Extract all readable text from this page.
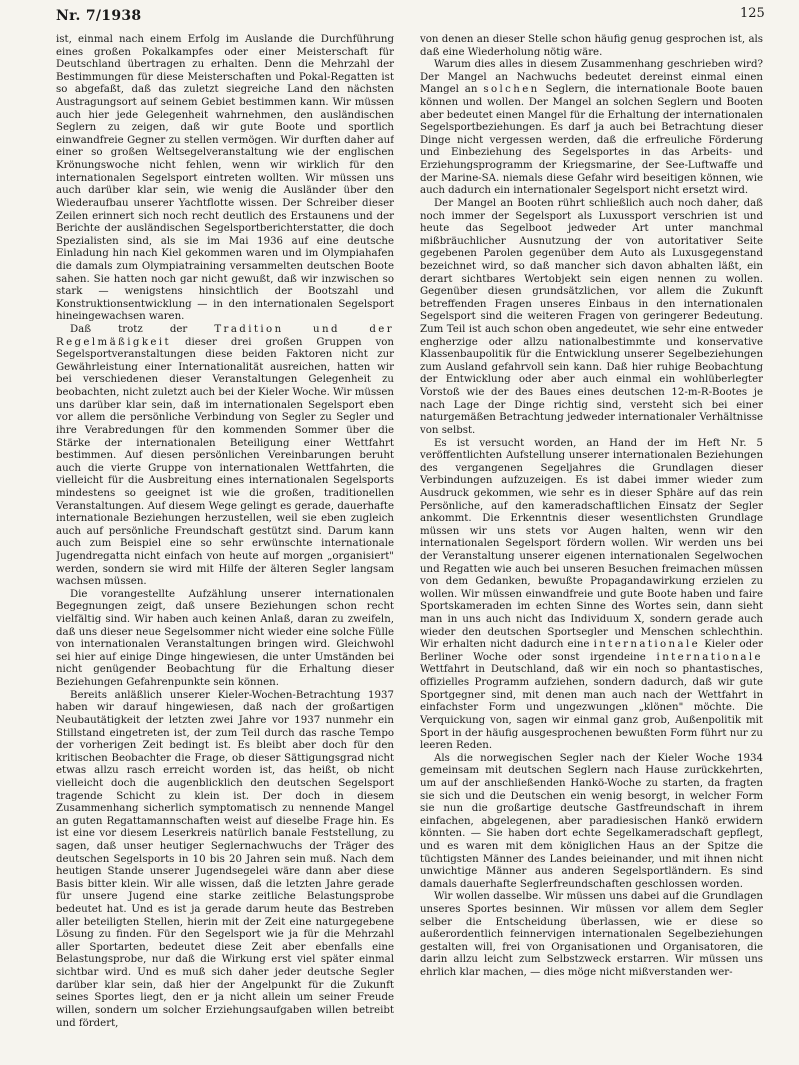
Nr. 7/1938	125

ist, einmal nach einem Erfolg im Auslande die Durchführung eines großen Pokalkampfes oder einer Meisterschaft für Deutschland übertragen zu erhalten. Denn die Mehrzahl der Bestimmungen für diese Meisterschaften und Pokal-Regatten ist so abgefaßt, daß das zuletzt siegreiche Land den nächsten Austragungsort auf seinem Gebiet bestimmen kann. Wir müssen auch hier jede Gelegenheit wahrnehmen, den ausländischen Seglern zu zeigen, daß wir gute Boote und sportlich einwandfreie Gegner zu stellen vermögen. Wir durften daher auf einer so großen Weltsegelveranstaltung wie der englischen Krönungswoche nicht fehlen, wenn wir wirklich für den internationalen Segelsport eintreten wollten. Wir müssen uns auch darüber klar sein, wie wenig die Ausländer über den Wiederaufbau unserer Yachtflotte wissen. Der Schreiber dieser Zeilen erinnert sich noch recht deutlich des Erstaunens und der Berichte der ausländischen Segelsportberichterstatter, die doch Spezialisten sind, als sie im Mai 1936 auf eine deutsche Einladung hin nach Kiel gekommen waren und im Olympiahafen die damals zum Olympiatraining versammelten deutschen Boote sahen. Sie hatten noch gar nicht gewußt, daß wir inzwischen so stark — wenigstens hinsichtlich der Bootszahl und Konstruktionsentwicklung — in den internationalen Segelsport hineingewachsen waren.

Daß trotz der Tradition und der Regelmäßigkeit dieser drei großen Gruppen von Segelsportveranstaltungen diese beiden Faktoren nicht zur Gewährleistung einer Internationalität ausreichen, hatten wir bei verschiedenen dieser Veranstaltungen Gelegenheit zu beobachten, nicht zuletzt auch bei der Kieler Woche. Wir müssen uns darüber klar sein, daß im internationalen Segelsport eben vor allem die persönliche Verbindung von Segler zu Segler und ihre Verabredungen für den kommenden Sommer über die Stärke der internationalen Beteiligung einer Wettfahrt bestimmen. Auf diesen persönlichen Vereinbarungen beruht auch die vierte Gruppe von internationalen Wettfahrten, die vielleicht für die Ausbreitung eines internationalen Segelsports mindestens so geeignet ist wie die großen, traditionellen Veranstaltungen. Auf diesem Wege gelingt es gerade, dauerhafte internationale Beziehungen herzustellen, weil sie eben zugleich auch auf persönliche Freundschaft gestützt sind. Darum kann auch zum Beispiel eine so sehr erwünschte internationale Jugendregatta nicht einfach von heute auf morgen „organisiert" werden, sondern sie wird mit Hilfe der älteren Segler langsam wachsen müssen.

Die vorangestellte Aufzählung unserer internationalen Begegnungen zeigt, daß unsere Beziehungen schon recht vielfältig sind. Wir haben auch keinen Anlaß, daran zu zweifeln, daß uns dieser neue Segelsommer nicht wieder eine solche Fülle von internationalen Veranstaltungen bringen wird. Gleichwohl sei hier auf einige Dinge hingewiesen, die unter Umständen bei nicht genügender Beobachtung für die Erhaltung dieser Beziehungen Gefahrenpunkte sein können.

Bereits anläßlich unserer Kieler-Wochen-Betrachtung 1937 haben wir darauf hingewiesen, daß nach der großartigen Neubautätigkeit der letzten zwei Jahre vor 1937 nunmehr ein Stillstand eingetreten ist, der zum Teil durch das rasche Tempo der vorherigen Zeit bedingt ist. Es bleibt aber doch für den kritischen Beobachter die Frage, ob dieser Sättigungsgrad nicht etwas allzu rasch erreicht worden ist, das heißt, ob nicht vielleicht doch die augenblicklich den deutschen Segelsport tragende Schicht zu klein ist. Der doch in diesem Zusammenhang sicherlich symptomatisch zu nennende Mangel an guten Regattamannschaften weist auf dieselbe Frage hin. Es ist eine vor diesem Leserkreis natürlich banale Feststellung, zu sagen, daß unser heutiger Seglernachwuchs der Träger des deutschen Segelsports in 10 bis 20 Jahren sein muß. Nach dem heutigen Stande unserer Jugendsegelei wäre dann aber diese Basis bitter klein. Wir alle wissen, daß die letzten Jahre gerade für unsere Jugend eine starke zeitliche Belastungsprobe bedeutet hat. Und es ist ja gerade darum heute das Bestreben aller beteiligten Stellen, hierin mit der Zeit eine naturgegebene Lösung zu finden. Für den Segelsport wie ja für die Mehrzahl aller Sportarten, bedeutet diese Zeit aber ebenfalls eine Belastungsprobe, nur daß die Wirkung erst viel später einmal sichtbar wird. Und es muß sich daher jeder deutsche Segler darüber klar sein, daß hier der Angelpunkt für die Zukunft seines Sportes liegt, den er ja nicht allein um seiner Freude willen, sondern um solcher Erziehungsaufgaben willen betreibt und fördert,

von denen an dieser Stelle schon häufig genug gesprochen ist, als daß eine Wiederholung nötig wäre.

Warum dies alles in diesem Zusammenhang geschrieben wird? Der Mangel an Nachwuchs bedeutet dereinst einmal einen Mangel an solchen Seglern, die internationale Boote bauen können und wollen. Der Mangel an solchen Seglern und Booten aber bedeutet einen Mangel für die Erhaltung der internationalen Segelsportbeziehungen. Es darf ja auch bei Betrachtung dieser Dinge nicht vergessen werden, daß die erfreuliche Förderung und Einbeziehung des Segelsportes in das Arbeits- und Erziehungsprogramm der Kriegsmarine, der See-Luftwaffe und der Marine-SA. niemals diese Gefahr wird beseitigen können, wie auch dadurch ein internationaler Segelsport nicht ersetzt wird.

Der Mangel an Booten rührt schließlich auch noch daher, daß noch immer der Segelsport als Luxussport verschrien ist und heute das Segelboot jedweder Art unter manchmal mißbräuchlicher Ausnutzung der von autoritativer Seite gegebenen Parolen gegenüber dem Auto als Luxusgegenstand bezeichnet wird, so daß mancher sich davon abhalten läßt, ein derart sichtbares Wertobjekt sein eigen nennen zu wollen. Gegenüber diesen grundsätzlichen, vor allem die Zukunft betreffenden Fragen unseres Einbaus in den internationalen Segelsport sind die weiteren Fragen von geringerer Bedeutung. Zum Teil ist auch schon oben angedeutet, wie sehr eine entweder engherzige oder allzu nationalbestimmte und konservative Klassenbaupolitik für die Entwicklung unserer Segelbeziehungen zum Ausland gefahrvoll sein kann. Daß hier ruhige Beobachtung der Entwicklung oder aber auch einmal ein wohlüberlegter Vorstoß wie der des Baues eines deutschen 12-m-R-Bootes je nach Lage der Dinge richtig sind, versteht sich bei einer naturgemäßen Betrachtung jedweder internationaler Verhältnisse von selbst.

Es ist versucht worden, an Hand der im Heft Nr. 5 veröffentlichten Aufstellung unserer internationalen Beziehungen des vergangenen Segeljahres die Grundlagen dieser Verbindungen aufzuzeigen. Es ist dabei immer wieder zum Ausdruck gekommen, wie sehr es in dieser Sphäre auf das rein Persönliche, auf den kameradschaftlichen Einsatz der Segler ankommt. Die Erkenntnis dieser wesentlichsten Grundlage müssen wir uns stets vor Augen halten, wenn wir den internationalen Segelsport fördern wollen. Wir werden uns bei der Veranstaltung unserer eigenen internationalen Segelwochen und Regatten wie auch bei unseren Besuchen freimachen müssen von dem Gedanken, bewußte Propagandawirkung erzielen zu wollen. Wir müssen einwandfreie und gute Boote haben und faire Sportskameraden im echten Sinne des Wortes sein, dann sieht man in uns auch nicht das Individuum X, sondern gerade auch wieder den deutschen Sportsegler und Menschen schlechthin. Wir erhalten nicht dadurch eine internationale Kieler oder Berliner Woche oder sonst irgendeine internationale Wettfahrt in Deutschland, daß wir ein noch so phantastisches, offizielles Programm aufziehen, sondern dadurch, daß wir gute Sportgegner sind, mit denen man auch nach der Wettfahrt in einfachster Form und ungezwungen „klönen" möchte. Die Verquickung von, sagen wir einmal ganz grob, Außenpolitik mit Sport in der häufig ausgesprochenen bewußten Form führt nur zu leeren Reden.

Als die norwegischen Segler nach der Kieler Woche 1934 gemeinsam mit deutschen Seglern nach Hause zurückkehrten, um auf der anschließenden Hankö-Woche zu starten, da fragten sie sich und die Deutschen ein wenig besorgt, in welcher Form sie nun die großartige deutsche Gastfreundschaft in ihrem einfachen, abgelegenen, aber paradiesischen Hankö erwidern könnten. — Sie haben dort echte Segelkameradschaft gepflegt, und es waren mit dem königlichen Haus an der Spitze die tüchtigsten Männer des Landes beieinander, und mit ihnen nicht unwichtige Männer aus anderen Segelsportländern. Es sind damals dauerhafte Seglerfreundschaften geschlossen worden.

Wir wollen dasselbe. Wir müssen uns dabei auf die Grundlagen unseres Sportes besinnen. Wir müssen vor allem dem Segler selber die Entscheidung überlassen, wie er diese so außerordentlich feinnervigen internationalen Segelbeziehungen gestalten will, frei von Organisationen und Organisatoren, die darin allzu leicht zum Selbstzweck erstarren. Wir müssen uns ehrlich klar machen, — dies möge nicht mißverstanden wer-
